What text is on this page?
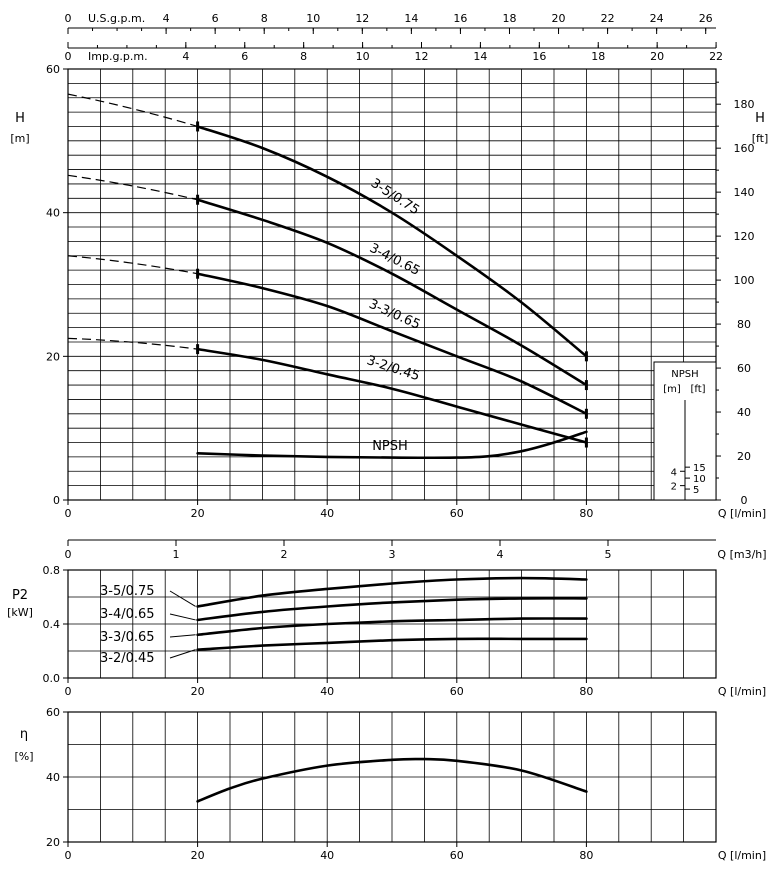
0	4	6	8	10	12	14	16	18	20	22	24	26
U.S.g.p.m.
0	4	6	8	10	12	14	16	18	20	22
Imp.g.p.m.
0	20	40	60	80	Q [l/min]
0
20
40
60
H
[m]
0
20
40
60
80
100
120
140
160
180
H
[ft]
0	1	2	3	4	5	Q [m3/h]
NPSH
[m] [ft]
2
4
5
10
15
3-5/0.75
3-4/0.65
3-3/0.65
3-2/0.45
NPSH
0	20	40	60	80	Q [l/min]
0.0
0.4
0.8
P2
[kW]
3-5/0.75
3-4/0.65
3-3/0.65
3-2/0.45
0	20	40	60	80	Q [l/min]
20
40
60
η
[%]
